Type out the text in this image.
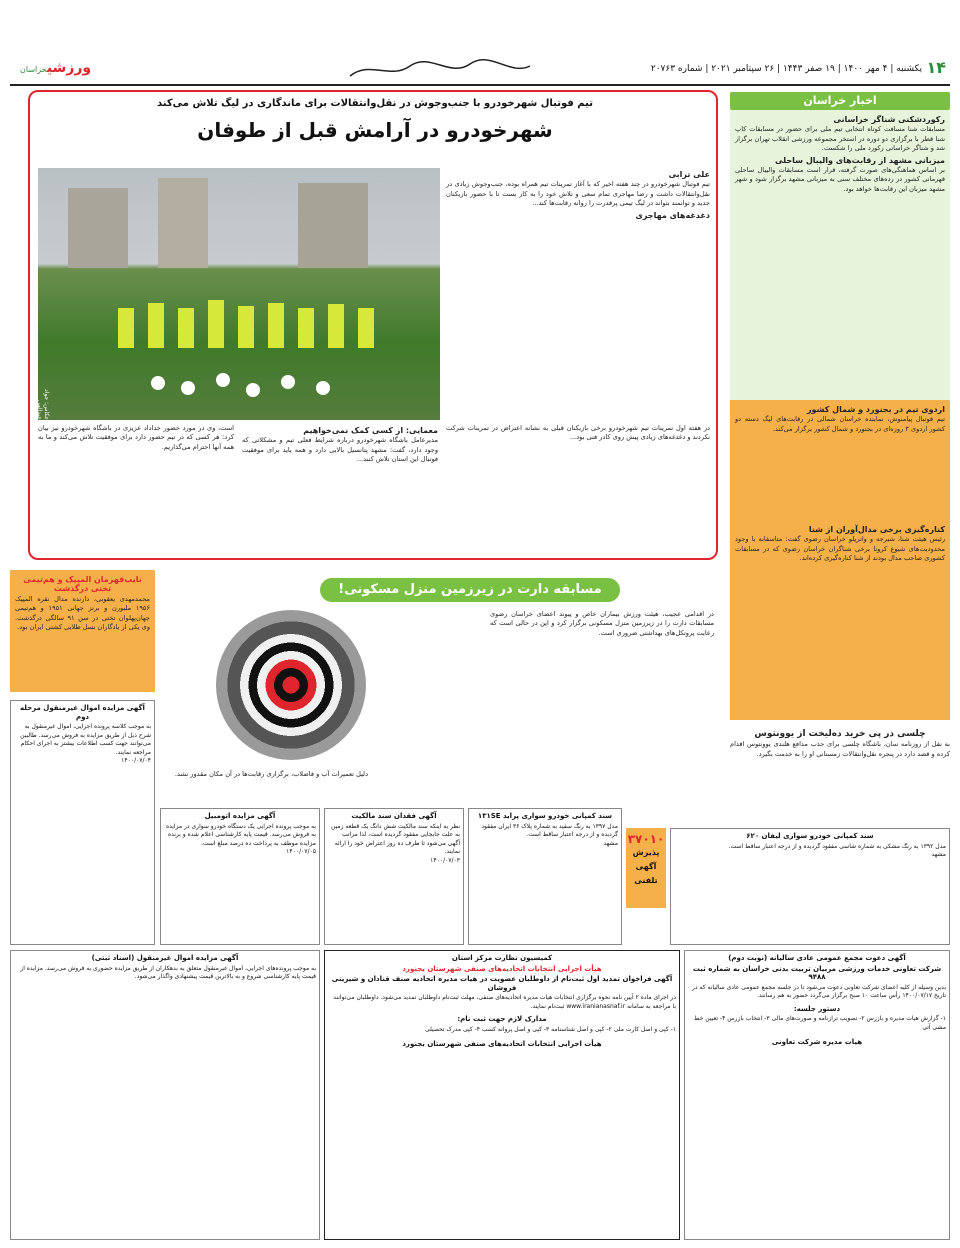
۱۴
یکشنبه | ۴ مهر ۱۴۰۰ | ۱۹ صفر ۱۴۴۳ | ۲۶ سپتامبر ۲۰۲۱ | شماره ۲۰۷۶۳
ورزشیخراسان
اخبار خراسان
رکوردشکنی شناگر خراسانی
مسابقات شنا مسافت کوتاه انتخابی تیم ملی برای حضور در مسابقات کاپ شنا قطر با برگزاری دو دوره در استخر مجموعه ورزشی انقلاب تهران برگزار شد و شناگر خراسانی رکورد ملی را شکست.
میزبانی مشهد از رقابت‌های والیبال ساحلی
بر اساس هماهنگی‌های صورت گرفته، قرار است مسابقات والیبال ساحلی قهرمانی کشور در رده‌های مختلف سنی به میزبانی مشهد برگزار شود و شهر مشهد میزبان این رقابت‌ها خواهد بود.
اردوی تیم در بجنورد و شمال کشور
تیم فوتبال پیامنوش، نماینده خراسان شمالی در رقابت‌های لیگ دسته دو کشور اردوی ۳ روزه‌ای در بجنورد و شمال کشور برگزار می‌کند.
کناره‌گیری برخی مدال‌آوران از شنا
رئیس هیئت شنا، شیرجه و واترپلو خراسان رضوی گفت: متاسفانه با وجود محدودیت‌های شیوع کرونا برخی شناگران خراسان رضوی که در مسابقات کشوری صاحب مدال بودند از شنا کناره‌گیری کرده‌اند.
تیم فوتبال شهرخودرو با جنب‌وجوش در نقل‌وانتقالات برای ماندگاری در لیگ تلاش می‌کند
شهرخودرو در آرامش قبل از طوفان
عکاس: جواد عبدالهی
علی ترابی
تیم فوتبال شهرخودرو در چند هفته اخیر که با آغاز تمرینات تیم همراه بوده، جنب‌وجوش زیادی در نقل‌وانتقالات داشت و رضا مهاجری تمام سعی و تلاش خود را به کار بست تا با حضور بازیکنان جدید و توانمند بتواند در لیگ تیمی پرقدرت را روانه رقابت‌ها کند...
دغدغه‌های مهاجری
در هفته اول تمرینات تیم شهرخودرو برخی بازیکنان قبلی به نشانه اعتراض در تمرینات شرکت نکردند و دغدغه‌های زیادی پیش روی کادر فنی بود...
معمایی: از کسی کمک نمی‌خواهیم
مدیرعامل باشگاه شهرخودرو درباره شرایط فعلی تیم و مشکلاتی که وجود دارد، گفت: مشهد پتانسیل بالایی دارد و همه باید برای موفقیت فوتبال این استان تلاش کنند...
است، وی در مورد حضور خداداد عزیزی در باشگاه شهرخودرو نیز بیان کرد: هر کسی که در تیم حضور دارد برای موفقیت تلاش می‌کند و ما به همه آنها احترام می‌گذاریم.
نایب‌قهرمان المپیک و هم‌تیمی تختی درگذشت
محمدمهدی یعقوبی، دارنده مدال نقره المپیک ۱۹۵۶ ملبورن و برنز جهانی ۱۹۵۱ و هم‌تیمی جهان‌پهلوان تختی در سن ۹۱ سالگی درگذشت. وی یکی از یادگاران نسل طلایی کشتی ایران بود.
مسابقه دارت در زیرزمین منزل مسکونی!
در اقدامی عجیب، هیئت ورزش بیماران خاص و پیوند اعضای خراسان رضوی مسابقات دارت را در زیرزمین منزل مسکونی برگزار کرد و این در حالی است که رعایت پروتکل‌های بهداشتی ضروری است.
دلیل تعمیرات آب و فاضلاب، برگزاری رقابت‌ها در آن مکان مقدور نشد.
چلسی در پی خرید ده‌لیخت از یوونتوس
به نقل از روزنامه سان، باشگاه چلسی برای جذب مدافع هلندی یوونتوس اقدام کرده و قصد دارد در پنجره نقل‌وانتقالات زمستانی او را به خدمت بگیرد.
۳۷۰۱۰
پذیرش آگهی تلفنی
آگهی مزایده اموال غیرمنقول مرحله دوم
به موجب کلاسه پرونده اجرایی، اموال غیرمنقول به شرح ذیل از طریق مزایده به فروش می‌رسد. طالبین می‌توانند جهت کسب اطلاعات بیشتر به اجرای احکام مراجعه نمایند.
۱۴۰۰/۰۷/۰۴
آگهی مزایده اتومبیل
به موجب پرونده اجرایی یک دستگاه خودرو سواری در مزایده به فروش می‌رسد. قیمت پایه کارشناسی اعلام شده و برنده مزایده موظف به پرداخت ده درصد مبلغ است.
۱۴۰۰/۰۷/۰۵
آگهی فقدان سند مالکیت
نظر به اینکه سند مالکیت شش دانگ یک قطعه زمین به علت جابجایی مفقود گردیده است، لذا مراتب آگهی می‌شود تا ظرف ده روز اعتراض خود را ارائه نمایند.
۱۴۰۰/۰۷/۰۳
سند کمپانی خودرو سواری پراید ۱۳۱SE
مدل ۱۳۹۷ به رنگ سفید به شماره پلاک ۳۶ ایران مفقود گردیده و از درجه اعتبار ساقط است.
مشهد
سند کمپانی خودرو سواری لیفان ۶۲۰
مدل ۱۳۹۲ به رنگ مشکی به شماره شاسی مفقود گردیده و از درجه اعتبار ساقط است.
مشهد
آگهی مزایده اموال غیرمنقول (اسناد ثبتی)
به موجب پرونده‌های اجرایی، اموال غیرمنقول متعلق به بدهکاران از طریق مزایده حضوری به فروش می‌رسد. مزایده از قیمت پایه کارشناسی شروع و به بالاترین قیمت پیشنهادی واگذار می‌شود.
کمیسیون نظارت مرکز استان
هیأت اجرایی انتخابات اتحادیه‌های صنفی شهرستان بجنورد
آگهی فراخوان تمدید اول ثبت‌نام از داوطلبان عضویت در هیات مدیره اتحادیه صنف قنادان و شیرینی فروشان
در اجرای ماده ۲ آیین نامه نحوه برگزاری انتخابات هیات مدیره اتحادیه‌های صنفی، مهلت ثبت‌نام داوطلبان تمدید می‌شود. داوطلبان می‌توانند با مراجعه به سامانه www.iranianasnaf.ir ثبت‌نام نمایند.
مدارک لازم جهت ثبت نام:
۱- کپی و اصل کارت ملی ۲- کپی و اصل شناسنامه ۳- کپی و اصل پروانه کسب ۴- کپی مدرک تحصیلی
هیأت اجرایی انتخابات اتحادیه‌های صنفی شهرستان بجنورد
آگهی دعوت مجمع عمومی عادی سالیانه (نوبت دوم)
شرکت تعاونی خدمات ورزشی مربیان تربیت بدنی خراسان به شماره ثبت ۹۴۸۸
بدین وسیله از کلیه اعضای شرکت تعاونی دعوت می‌شود تا در جلسه مجمع عمومی عادی سالیانه که در تاریخ ۱۴۰۰/۰۷/۱۷ رأس ساعت ۱۰ صبح برگزار می‌گردد حضور به هم رسانند.
دستور جلسه:
۱- گزارش هیات مدیره و بازرس ۲- تصویب ترازنامه و صورت‌های مالی ۳- انتخاب بازرس ۴- تعیین خط مشی آتی
هیات مدیره شرکت تعاونی
